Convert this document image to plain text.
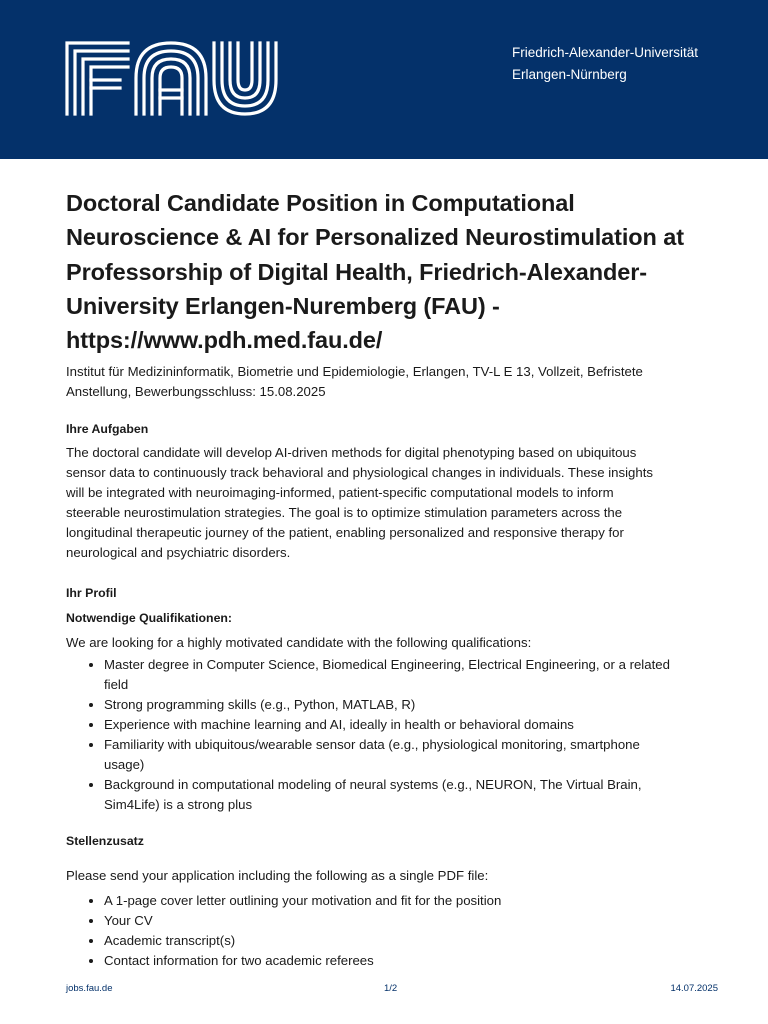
Friedrich-Alexander-Universität
Erlangen-Nürnberg
Doctoral Candidate Position in Computational
Neuroscience & AI for Personalized Neurostimulation at
Professorship of Digital Health, Friedrich-Alexander-
University Erlangen-Nuremberg (FAU) -
https://www.pdh.med.fau.de/
Institut für Medizininformatik, Biometrie und Epidemiologie, Erlangen, TV-L E 13, Vollzeit, Befristete
Anstellung, Bewerbungsschluss: 15.08.2025
Ihre Aufgaben

The doctoral candidate will develop AI-driven methods for digital phenotyping based on ubiquitous
sensor data to continuously track behavioral and physiological changes in individuals. These insights
will be integrated with neuroimaging-informed, patient-specific computational models to inform
steerable neurostimulation strategies. The goal is to optimize stimulation parameters across the
longitudinal therapeutic journey of the patient, enabling personalized and responsive therapy for
neurological and psychiatric disorders.

Ihr Profil
Notwendige Qualifikationen:

We are looking for a highly motivated candidate with the following qualifications:

• Master degree in Computer Science, Biomedical Engineering, Electrical Engineering, or a related
field
• Strong programming skills (e.g., Python, MATLAB, R)
• Experience with machine learning and AI, ideally in health or behavioral domains
• Familiarity with ubiquitous/wearable sensor data (e.g., physiological monitoring, smartphone
usage)
• Background in computational modeling of neural systems (e.g., NEURON, The Virtual Brain,
Sim4Life) is a strong plus
Stellenzusatz

Please send your application including the following as a single PDF file:

• A 1-page cover letter outlining your motivation and fit for the position
• Your CV
• Academic transcript(s)
• Contact information for two academic referees
jobs.fau.de	1/2	14.07.2025
